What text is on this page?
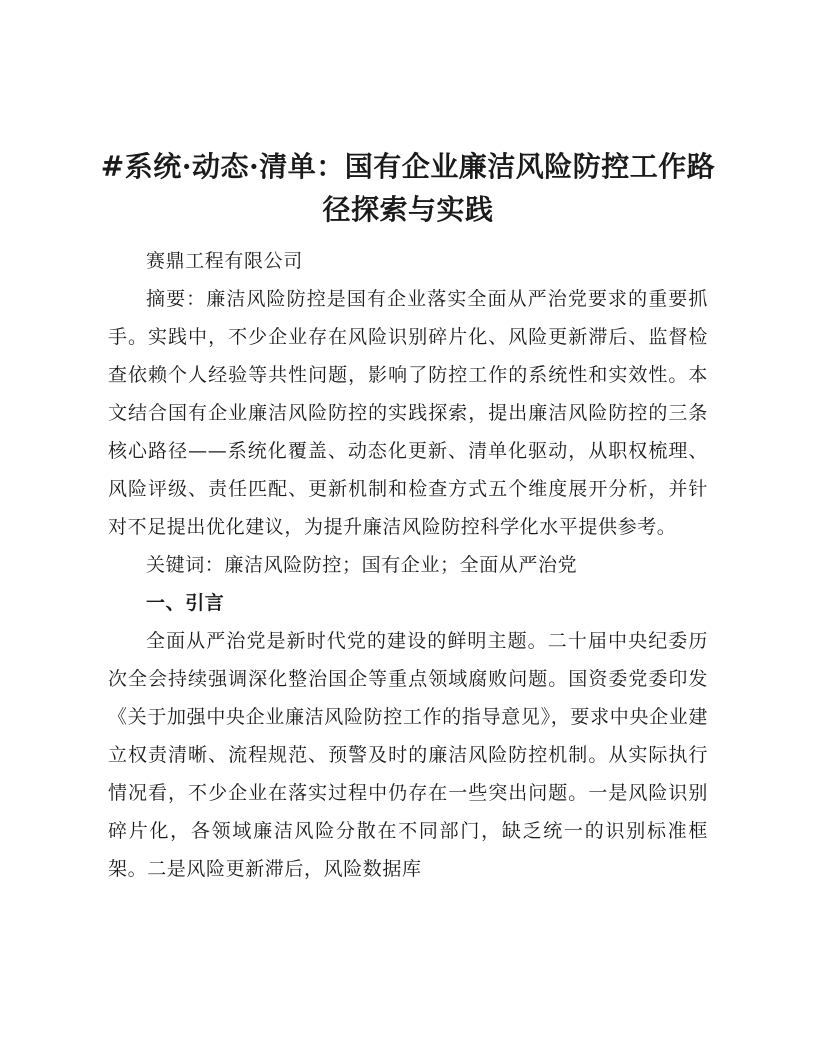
#系统·动态·清单：国有企业廉洁风险防控工作路径探索与实践

赛鼎工程有限公司

摘要：廉洁风险防控是国有企业落实全面从严治党要求的重要抓手。实践中，不少企业存在风险识别碎片化、风险更新滞后、监督检查依赖个人经验等共性问题，影响了防控工作的系统性和实效性。本文结合国有企业廉洁风险防控的实践探索，提出廉洁风险防控的三条核心路径——系统化覆盖、动态化更新、清单化驱动，从职权梳理、风险评级、责任匹配、更新机制和检查方式五个维度展开分析，并针对不足提出优化建议，为提升廉洁风险防控科学化水平提供参考。

关键词：廉洁风险防控；国有企业；全面从严治党

一、引言

全面从严治党是新时代党的建设的鲜明主题。二十届中央纪委历次全会持续强调深化整治国企等重点领域腐败问题。国资委党委印发《关于加强中央企业廉洁风险防控工作的指导意见》，要求中央企业建立权责清晰、流程规范、预警及时的廉洁风险防控机制。从实际执行情况看，不少企业在落实过程中仍存在一些突出问题。一是风险识别碎片化，各领域廉洁风险分散在不同部门，缺乏统一的识别标准框架。二是风险更新滞后，风险数据库
